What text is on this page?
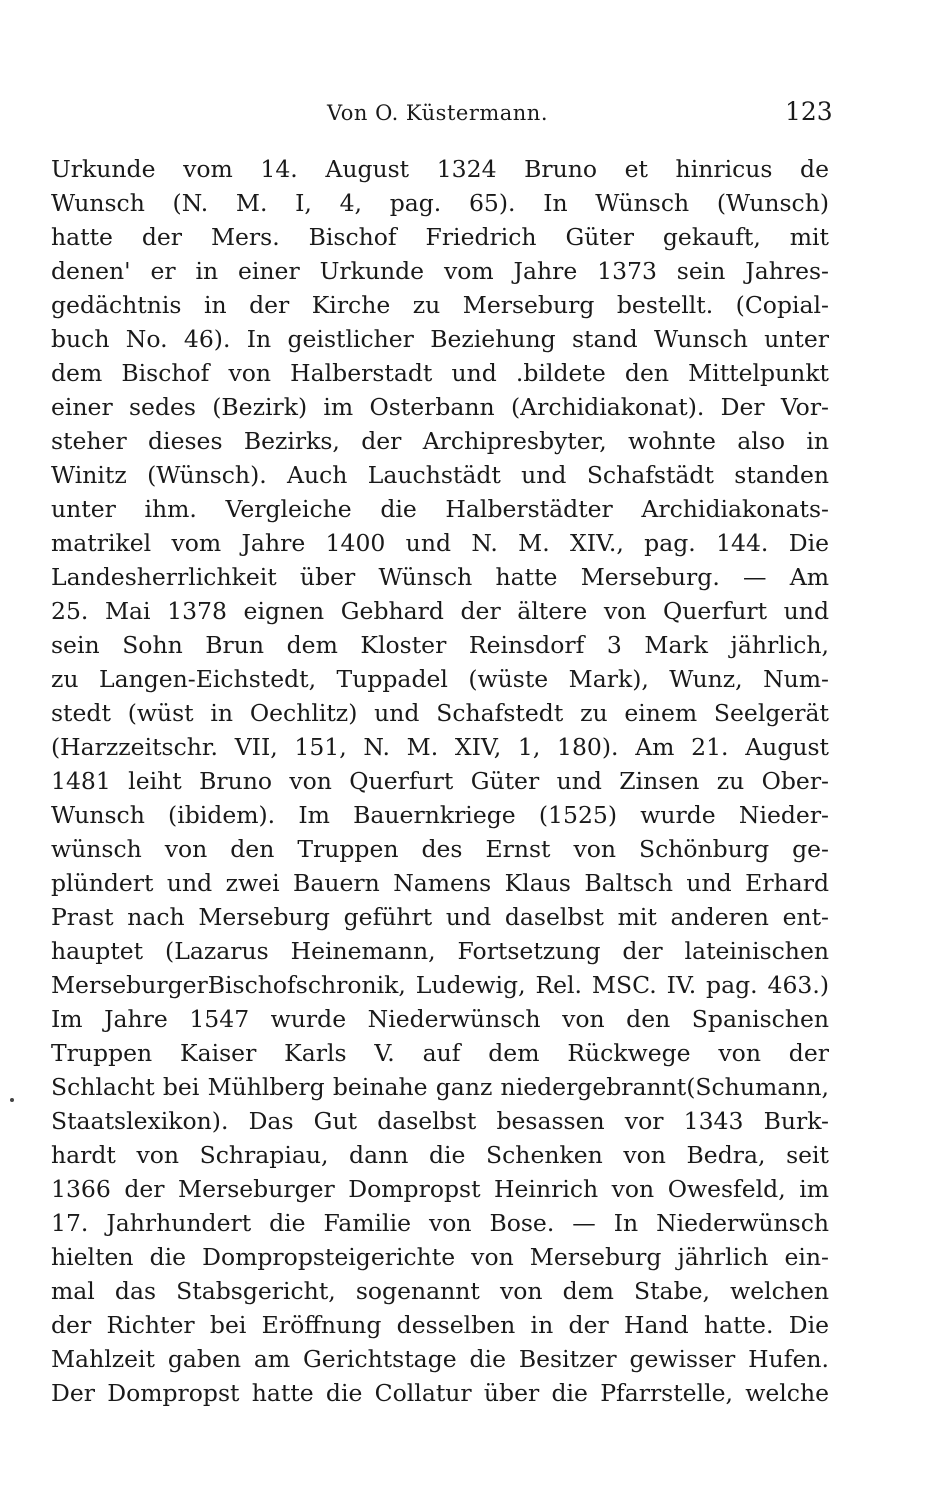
Von O. Küstermann.	123
Urkunde vom 14. August 1324 Bruno et hinricus de
Wunsch (N. M. I, 4, pag. 65). In Wünsch (Wunsch)
hatte der Mers. Bischof Friedrich Güter gekauft, mit
denen' er in einer Urkunde vom Jahre 1373 sein Jahres-
gedächtnis in der Kirche zu Merseburg bestellt. (Copial-
buch No. 46). In geistlicher Beziehung stand Wunsch unter
dem Bischof von Halberstadt und .bildete den Mittelpunkt
einer sedes (Bezirk) im Osterbann (Archidiakonat). Der Vor-
steher dieses Bezirks, der Archipresbyter, wohnte also in
Winitz (Wünsch). Auch Lauchstädt und Schafstädt standen
unter ihm. Vergleiche die Halberstädter Archidiakonats-
matrikel vom Jahre 1400 und N. M. XIV., pag. 144. Die
Landesherrlichkeit über Wünsch hatte Merseburg. — Am
25. Mai 1378 eignen Gebhard der ältere von Querfurt und
sein Sohn Brun dem Kloster Reinsdorf 3 Mark jährlich,
zu Langen-Eichstedt, Tuppadel (wüste Mark), Wunz, Num-
stedt (wüst in Oechlitz) und Schafstedt zu einem Seelgerät
(Harzzeitschr. VII, 151, N. M. XIV, 1, 180). Am 21. August
1481 leiht Bruno von Querfurt Güter und Zinsen zu Ober-
Wunsch (ibidem). Im Bauernkriege (1525) wurde Nieder-
wünsch von den Truppen des Ernst von Schönburg ge-
plündert und zwei Bauern Namens Klaus Baltsch und Erhard
Prast nach Merseburg geführt und daselbst mit anderen ent-
hauptet (Lazarus Heinemann, Fortsetzung der lateinischen
MerseburgerBischofschronik, Ludewig, Rel. MSC. IV. pag. 463.)
Im Jahre 1547 wurde Niederwünsch von den Spanischen
Truppen Kaiser Karls V. auf dem Rückwege von der
Schlacht bei Mühlberg beinahe ganz niedergebrannt(Schumann,
Staatslexikon). Das Gut daselbst besassen vor 1343 Burk-
hardt von Schrapiau, dann die Schenken von Bedra, seit
1366 der Merseburger Dompropst Heinrich von Owesfeld, im
17. Jahrhundert die Familie von Bose. — In Niederwünsch
hielten die Dompropsteigerichte von Merseburg jährlich ein-
mal das Stabsgericht, sogenannt von dem Stabe, welchen
der Richter bei Eröffnung desselben in der Hand hatte. Die
Mahlzeit gaben am Gerichtstage die Besitzer gewisser Hufen.
Der Dompropst hatte die Collatur über die Pfarrstelle, welche
